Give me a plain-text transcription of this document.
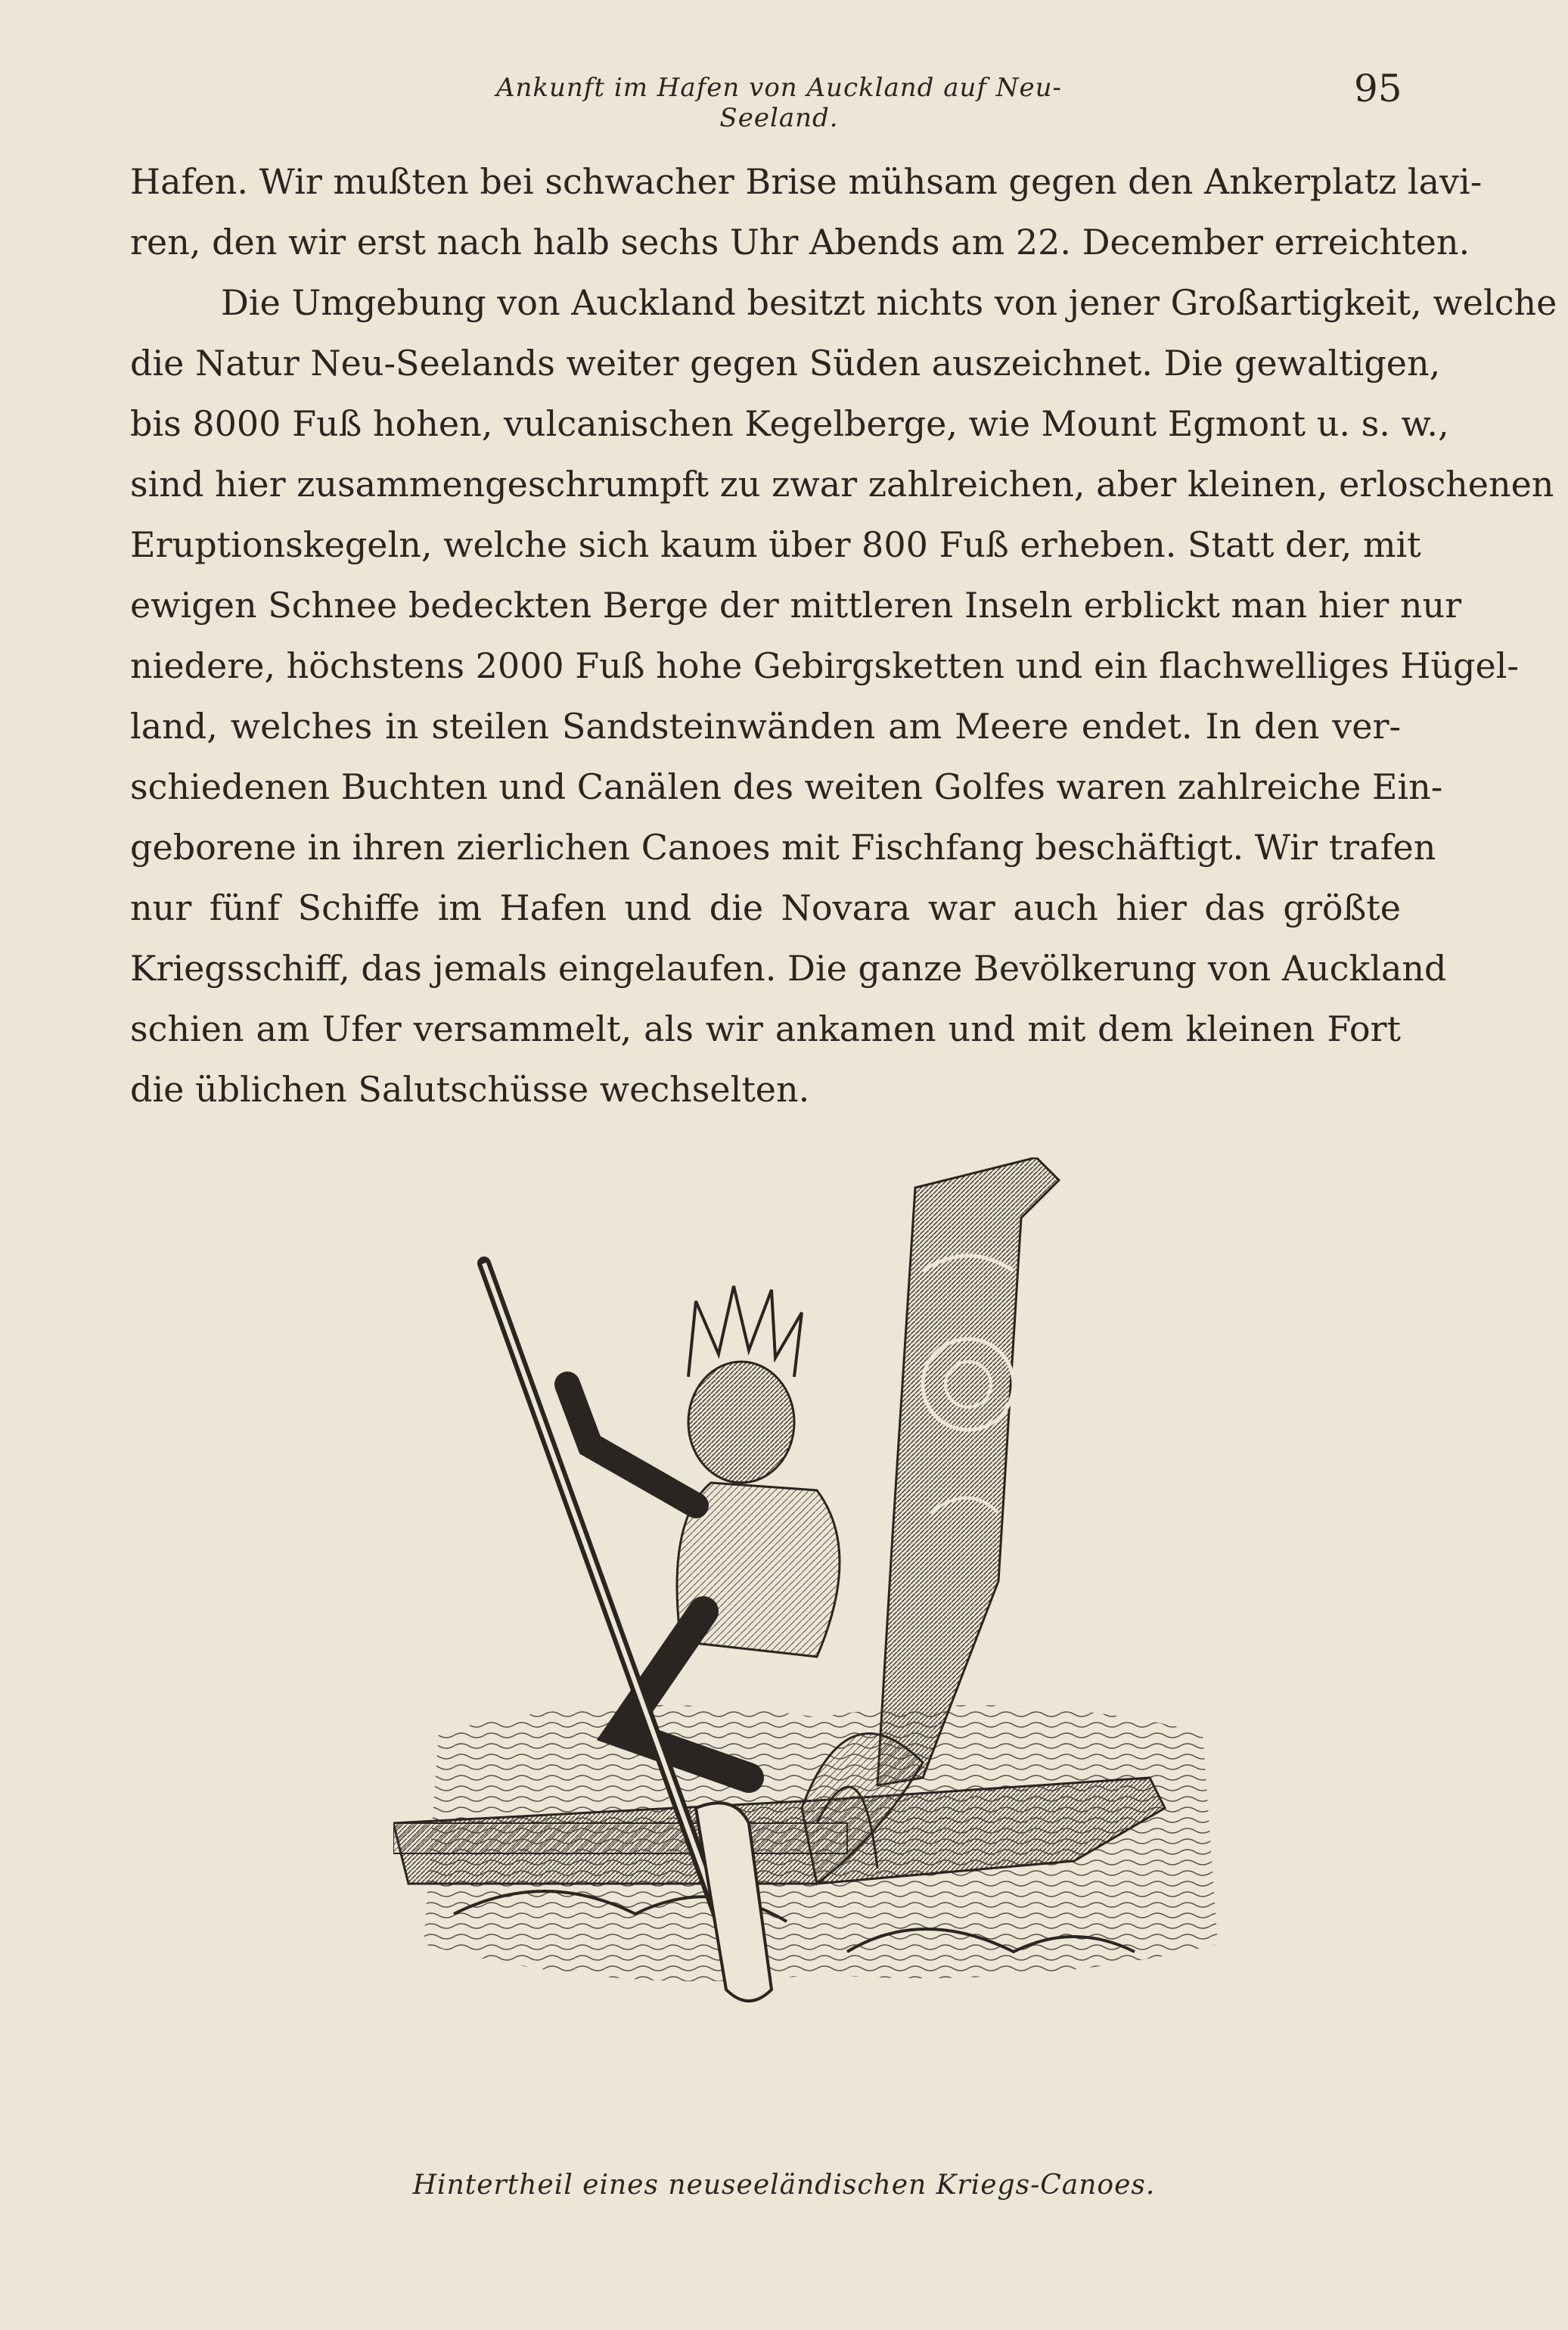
Ankunft im Hafen von Auckland auf Neu-Seeland.
95
Hafen. Wir mußten bei schwacher Brise mühsam gegen den Ankerplatz lavi-
ren, den wir erst nach halb sechs Uhr Abends am 22. December erreichten.
Die Umgebung von Auckland besitzt nichts von jener Großartigkeit, welche
die Natur Neu-Seelands weiter gegen Süden auszeichnet. Die gewaltigen,
bis 8000 Fuß hohen, vulcanischen Kegelberge, wie Mount Egmont u. s. w.,
sind hier zusammengeschrumpft zu zwar zahlreichen, aber kleinen, erloschenen
Eruptionskegeln, welche sich kaum über 800 Fuß erheben. Statt der, mit
ewigen Schnee bedeckten Berge der mittleren Inseln erblickt man hier nur
niedere, höchstens 2000 Fuß hohe Gebirgsketten und ein flachwelliges Hügel-
land, welches in steilen Sandsteinwänden am Meere endet. In den ver-
schiedenen Buchten und Canälen des weiten Golfes waren zahlreiche Ein-
geborene in ihren zierlichen Canoes mit Fischfang beschäftigt. Wir trafen
nur fünf Schiffe im Hafen und die Novara war auch hier das größte
Kriegsschiff, das jemals eingelaufen. Die ganze Bevölkerung von Auckland
schien am Ufer versammelt, als wir ankamen und mit dem kleinen Fort
die üblichen Salutschüsse wechselten.
Hintertheil eines neuseeländischen Kriegs-Canoes.
